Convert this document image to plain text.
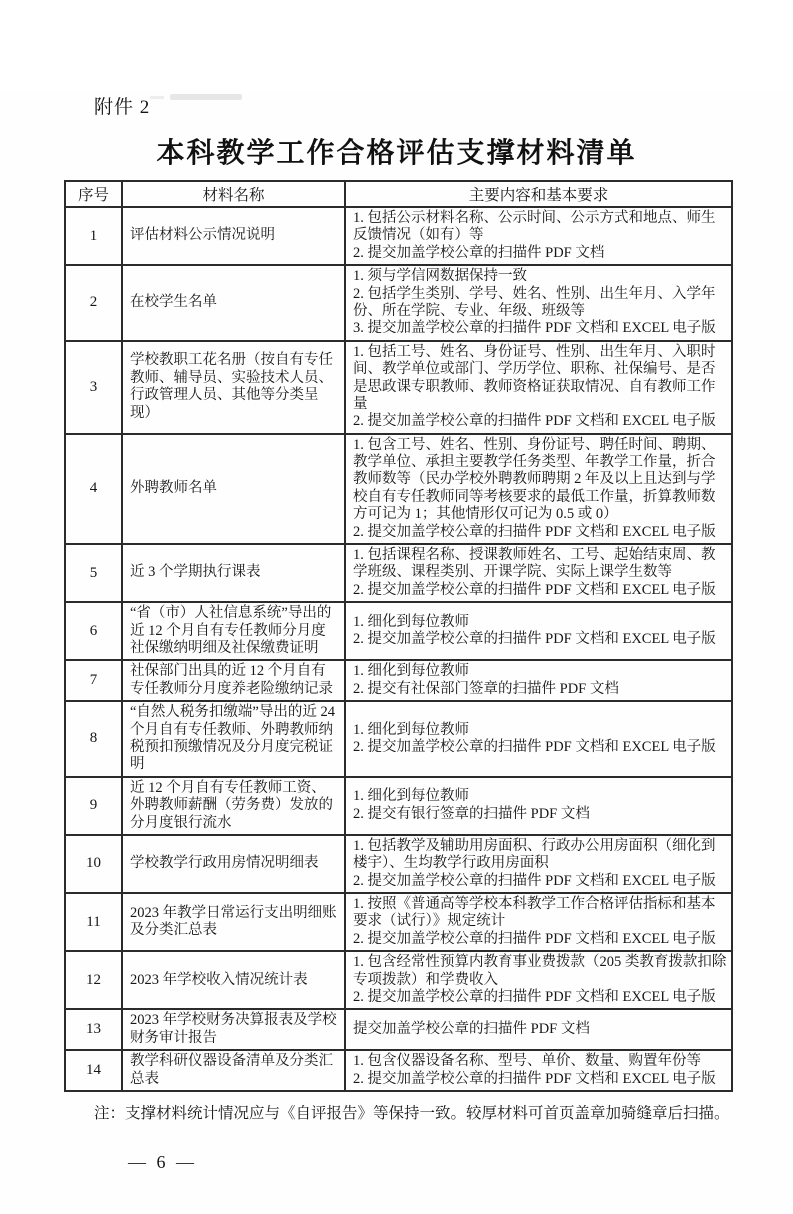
附件 2
本科教学工作合格评估支撑材料清单
序号	材料名称	主要内容和基本要求
1	评估材料公示情况说明	1. 包括公示材料名称、公示时间、公示方式和地点、师生反馈情况（如有）等
2. 提交加盖学校公章的扫描件 PDF 文档

2	在校学生名单	1. 须与学信网数据保持一致
2. 包括学生类别、学号、姓名、性别、出生年月、入学年份、所在学院、专业、年级、班级等
3. 提交加盖学校公章的扫描件 PDF 文档和 EXCEL 电子版

3	学校教职工花名册（按自有专任教师、辅导员、实验技术人员、行政管理人员、其他等分类呈现）	1. 包括工号、姓名、身份证号、性别、出生年月、入职时间、教学单位或部门、学历学位、职称、社保编号、是否是思政课专职教师、教师资格证获取情况、自有教师工作量
2. 提交加盖学校公章的扫描件 PDF 文档和 EXCEL 电子版

4	外聘教师名单	1. 包含工号、姓名、性别、身份证号、聘任时间、聘期、教学单位、承担主要教学任务类型、年教学工作量，折合教师数等（民办学校外聘教师聘期 2 年及以上且达到与学校自有专任教师同等考核要求的最低工作量，折算教师数方可记为 1；其他情形仅可记为 0.5 或 0）
2. 提交加盖学校公章的扫描件 PDF 文档和 EXCEL 电子版

5	近 3 个学期执行课表	1. 包括课程名称、授课教师姓名、工号、起始结束周、教学班级、课程类别、开课学院、实际上课学生数等
2. 提交加盖学校公章的扫描件 PDF 文档和 EXCEL 电子版

6	“省（市）人社信息系统”导出的近 12 个月自有专任教师分月度社保缴纳明细及社保缴费证明	1. 细化到每位教师
2. 提交加盖学校公章的扫描件 PDF 文档和 EXCEL 电子版

7	社保部门出具的近 12 个月自有专任教师分月度养老险缴纳记录	1. 细化到每位教师
2. 提交有社保部门签章的扫描件 PDF 文档

8	“自然人税务扣缴端”导出的近 24 个月自有专任教师、外聘教师纳税预扣预缴情况及分月度完税证明	1. 细化到每位教师
2. 提交加盖学校公章的扫描件 PDF 文档和 EXCEL 电子版

9	近 12 个月自有专任教师工资、外聘教师薪酬（劳务费）发放的分月度银行流水	1. 细化到每位教师
2. 提交有银行签章的扫描件 PDF 文档

10	学校教学行政用房情况明细表	1. 包括教学及辅助用房面积、行政办公用房面积（细化到楼宇）、生均教学行政用房面积
2. 提交加盖学校公章的扫描件 PDF 文档和 EXCEL 电子版

11	2023 年教学日常运行支出明细账及分类汇总表	1. 按照《普通高等学校本科教学工作合格评估指标和基本要求（试行）》规定统计
2. 提交加盖学校公章的扫描件 PDF 文档和 EXCEL 电子版

12	2023 年学校收入情况统计表	1. 包含经常性预算内教育事业费拨款（205 类教育拨款扣除专项拨款）和学费收入
2. 提交加盖学校公章的扫描件 PDF 文档和 EXCEL 电子版

13	2023 年学校财务决算报表及学校财务审计报告	提交加盖学校公章的扫描件 PDF 文档

14	教学科研仪器设备清单及分类汇总表	1. 包含仪器设备名称、型号、单价、数量、购置年份等
2. 提交加盖学校公章的扫描件 PDF 文档和 EXCEL 电子版
注：支撑材料统计情况应与《自评报告》等保持一致。较厚材料可首页盖章加骑缝章后扫描。
— 6 —
